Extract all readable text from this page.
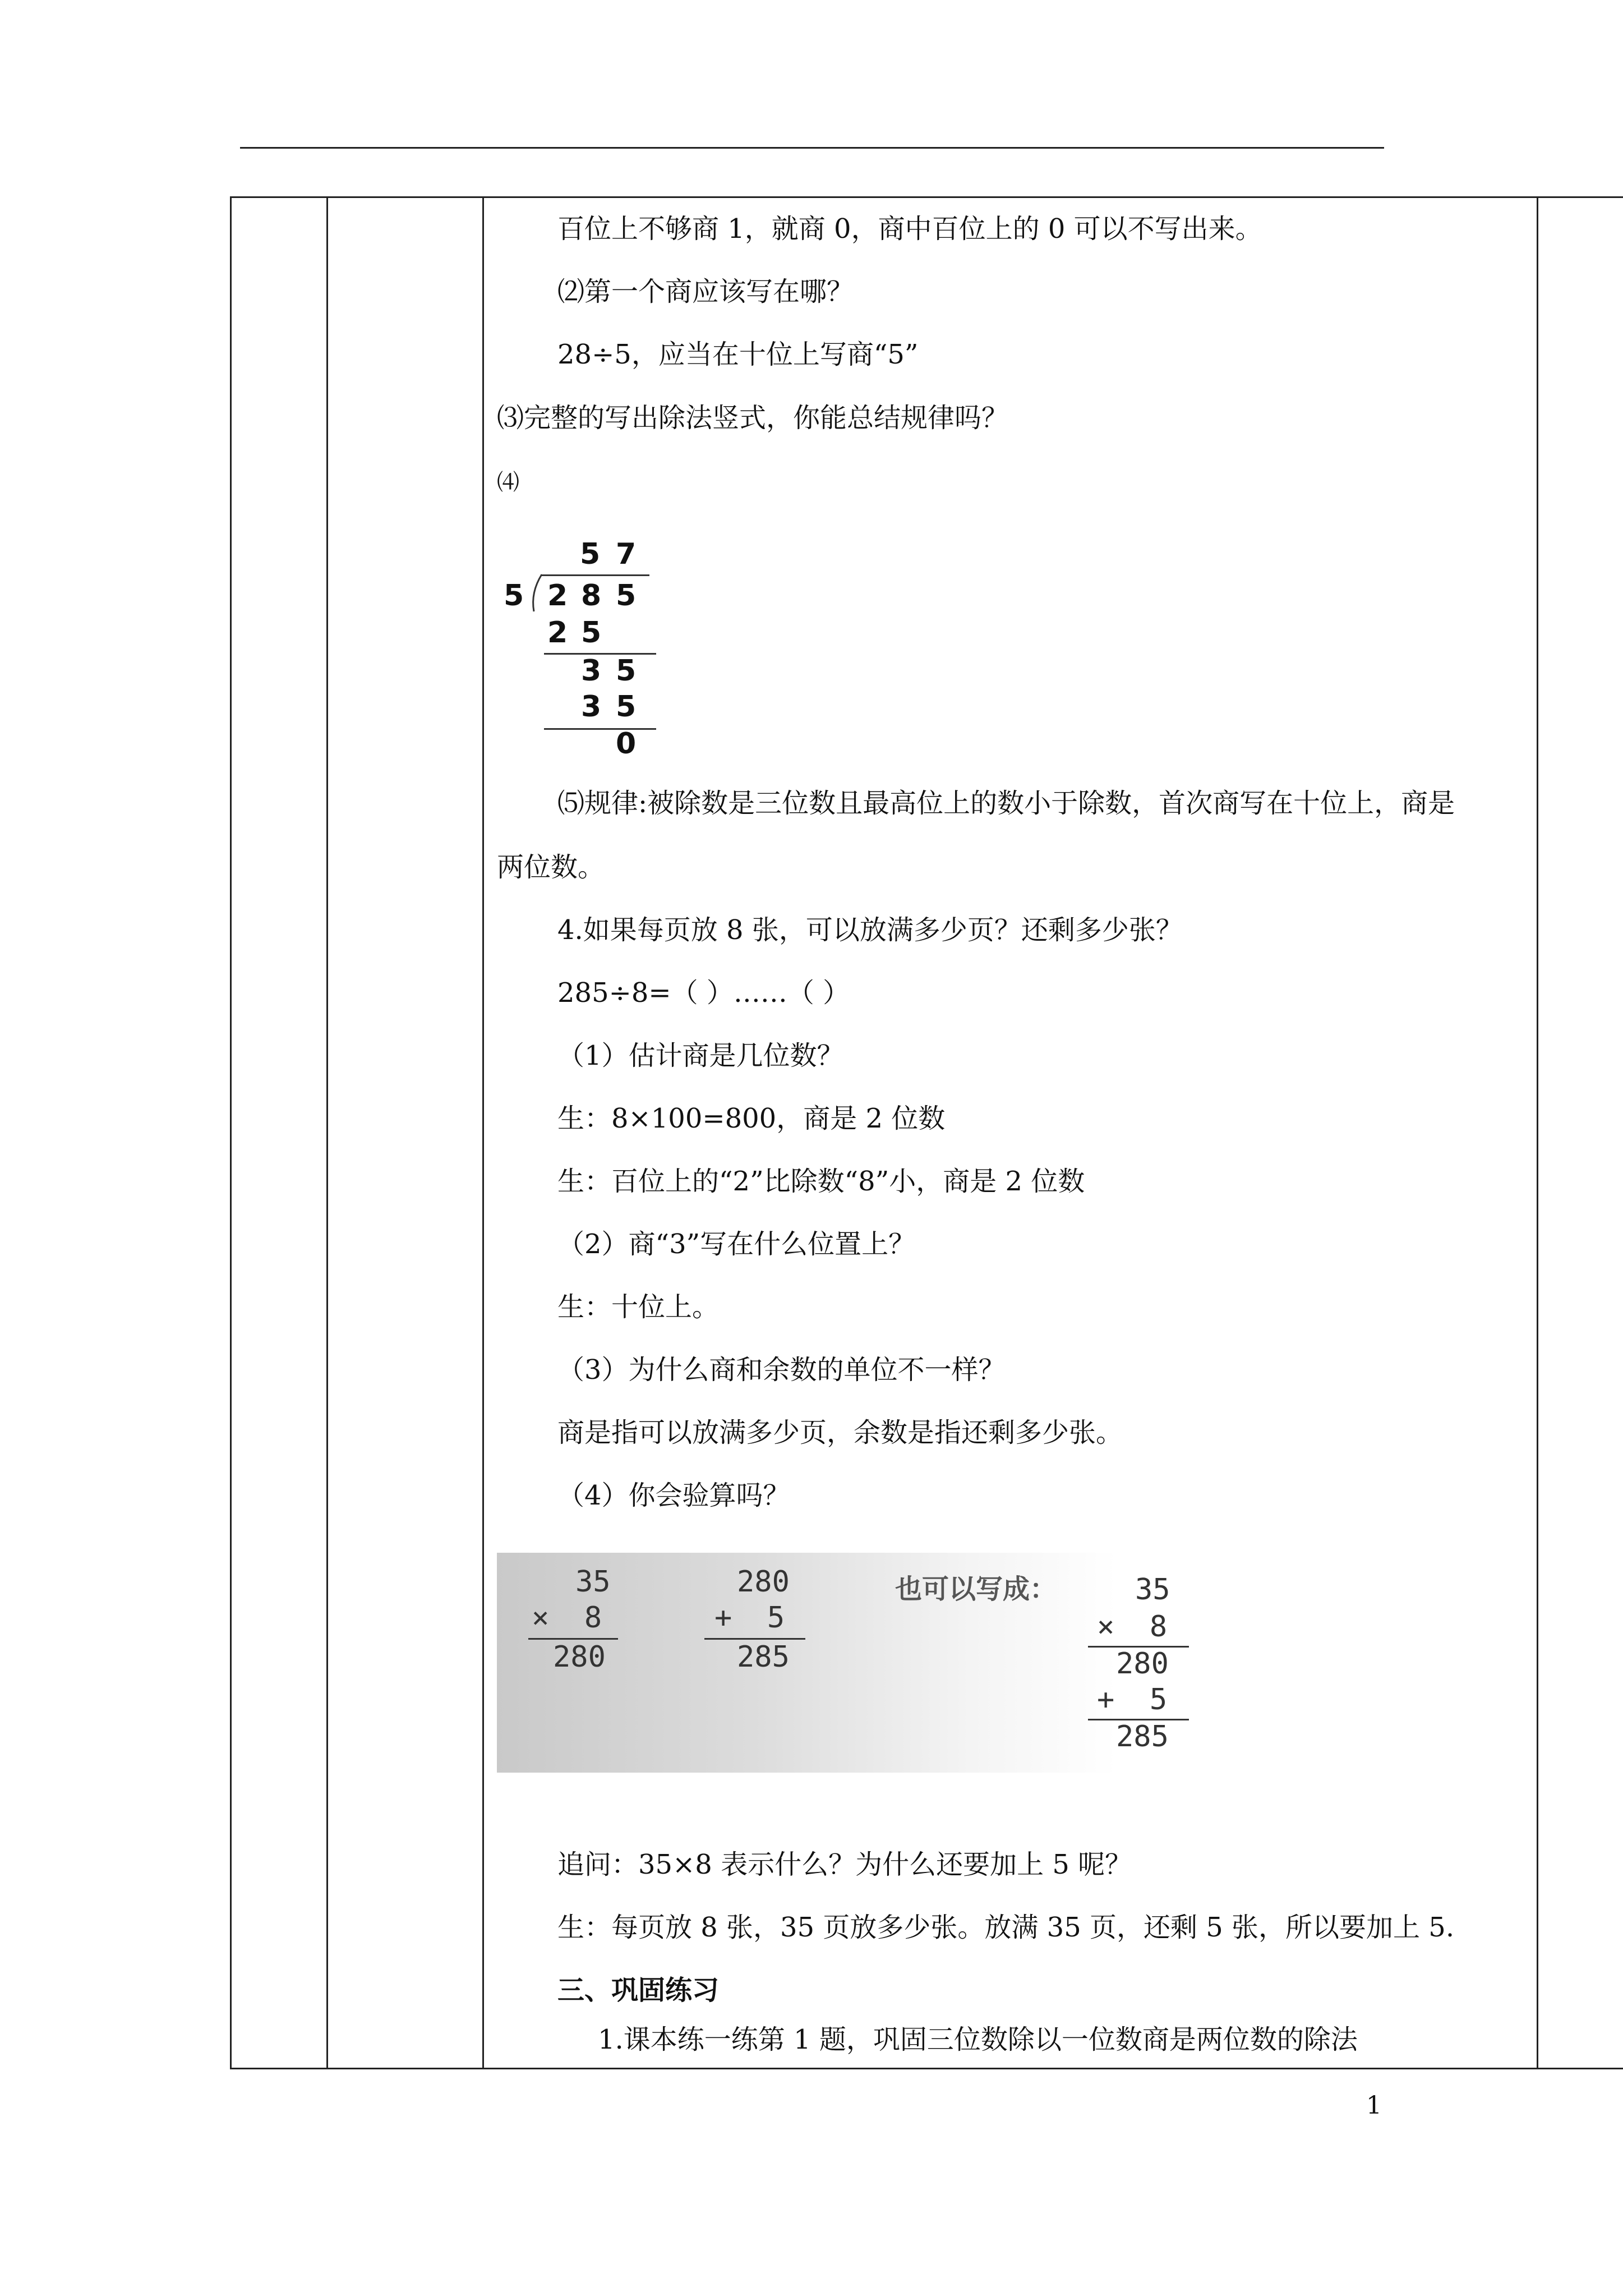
百位上不够商 1，就商 0，商中百位上的 0 可以不写出来。
⑵第一个商应该写在哪？
28÷5，应当在十位上写商“5”
⑶完整的写出除法竖式，你能总结规律吗？
⑷
⑸规律:被除数是三位数且最高位上的数小于除数，首次商写在十位上，商是
两位数。
4.如果每页放 8 张，可以放满多少页？还剩多少张？
285÷8=（ ）……（ ）
（1）估计商是几位数？
生：8×100=800，商是 2 位数
生：百位上的“2”比除数“8”小，商是 2 位数
（2）商“3”写在什么位置上？
生：十位上。
（3）为什么商和余数的单位不一样？
商是指可以放满多少页，余数是指还剩多少张。
（4）你会验算吗？
追问：35×8 表示什么？为什么还要加上 5 呢？
生：每页放 8 张，35 页放多少张。放满 35 页，还剩 5 张，所以要加上 5.
三、巩固练习
1.课本练一练第 1 题，巩固三位数除以一位数商是两位数的除法
5 7
5 2 8 5
2 5
3 5
3 5
0
35
×  8
280
280
+  5
285
也可以写成：	35
×  8
280
+  5
285
1
